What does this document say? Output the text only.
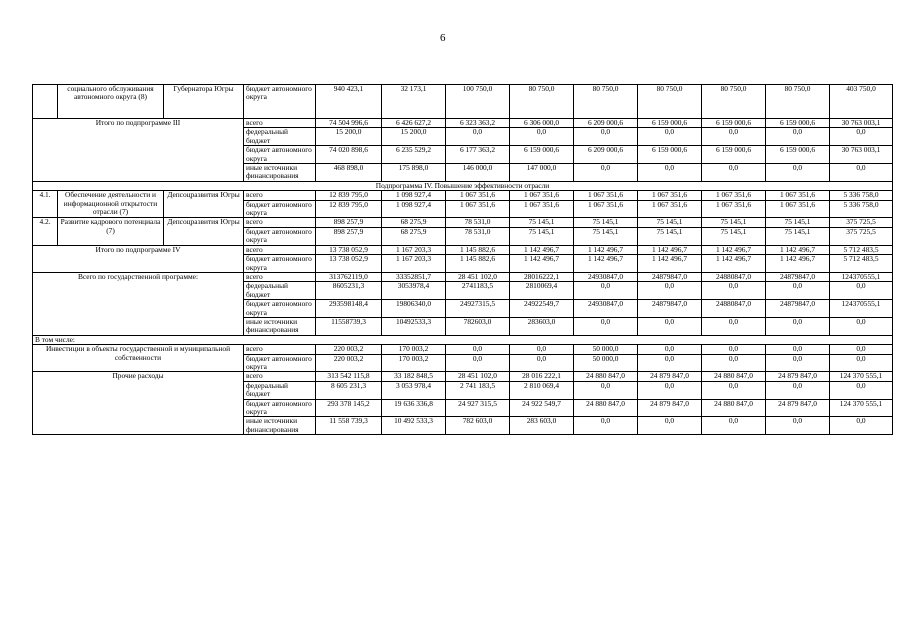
6
	социального обслуживания автономного округа (8)	Губернатора Югры	бюджет автономного округа	940 423,1	32 173,1	100 750,0	80 750,0	80 750,0	80 750,0	80 750,0	80 750,0	403 750,0
Итого по подпрограмме III			всего	74 504 996,6	6 426 627,2	6 323 363,2	6 306 000,0	6 209 000,6	6 159 000,6	6 159 000,6	6 159 000,6	30 763 003,1
			федеральный бюджет	15 200,0	15 200,0	0,0	0,0	0,0	0,0	0,0	0,0	0,0
			бюджет автономного округа	74 020 898,6	6 235 529,2	6 177 363,2	6 159 000,6	6 209 000,6	6 159 000,6	6 159 000,6	6 159 000,6	30 763 003,1
			иные источники финансирования	468 898,0	175 898,0	146 000,0	147 000,0	0,0	0,0	0,0	0,0	0,0
Подпрограмма IV. Повышение эффективности отрасли												
4.1.	Обеспечение деятельности и информационной открытости отрасли (7)	Депсоцразвития Югры	всего	12 839 795,0	1 098 927,4	1 067 351,6	1 067 351,6	1 067 351,6	1 067 351,6	1 067 351,6	1 067 351,6	5 336 758,0
			бюджет автономного округа	12 839 795,0	1 098 927,4	1 067 351,6	1 067 351,6	1 067 351,6	1 067 351,6	1 067 351,6	1 067 351,6	5 336 758,0
4.2.	Развитие кадрового потенциала (7)	Депсоцразвития Югры	всего	898 257,9	68 275,9	78 531,0	75 145,1	75 145,1	75 145,1	75 145,1	75 145,1	375 725,5
			бюджет автономного округа	898 257,9	68 275,9	78 531,0	75 145,1	75 145,1	75 145,1	75 145,1	75 145,1	375 725,5
Итого по подпрограмме IV			всего	13 738 052,9	1 167 203,3	1 145 882,6	1 142 496,7	1 142 496,7	1 142 496,7	1 142 496,7	1 142 496,7	5 712 483,5
			бюджет автономного округа	13 738 052,9	1 167 203,3	1 145 882,6	1 142 496,7	1 142 496,7	1 142 496,7	1 142 496,7	1 142 496,7	5 712 483,5
Всего по государственной программе:			всего	313762119,0	33352851,7	28 451 102,0	28016222,1	24930847,0	24879847,0	24880847,0	24879847,0	124370555,1
			федеральный бюджет	8605231,3	3053978,4	2741183,5	2810069,4	0,0	0,0	0,0	0,0	0,0
			бюджет автономного округа	293598148,4	19806340,0	24927315,5	24922549,7	24930847,0	24879847,0	24880847,0	24879847,0	124370555,1
			иные источники финансирования	11558739,3	10492533,3	782603,0	283603,0	0,0	0,0	0,0	0,0	0,0
В том числе:												
Инвестиции в объекты государственной и муниципальной собственности			всего	220 003,2	170 003,2	0,0	0,0	50 000,0	0,0	0,0	0,0	0,0
			бюджет автономного округа	220 003,2	170 003,2	0,0	0,0	50 000,0	0,0	0,0	0,0	0,0
Прочие расходы			всего	313 542 115,8	33 182 848,5	28 451 102,0	28 016 222,1	24 880 847,0	24 879 847,0	24 880 847,0	24 879 847,0	124 370 555,1
			федеральный бюджет	8 605 231,3	3 053 978,4	2 741 183,5	2 810 069,4	0,0	0,0	0,0	0,0	0,0
			бюджет автономного округа	293 378 145,2	19 636 336,8	24 927 315,5	24 922 549,7	24 880 847,0	24 879 847,0	24 880 847,0	24 879 847,0	124 370 555,1
			иные источники финансирования	11 558 739,3	10 492 533,3	782 603,0	283 603,0	0,0	0,0	0,0	0,0	0,0
